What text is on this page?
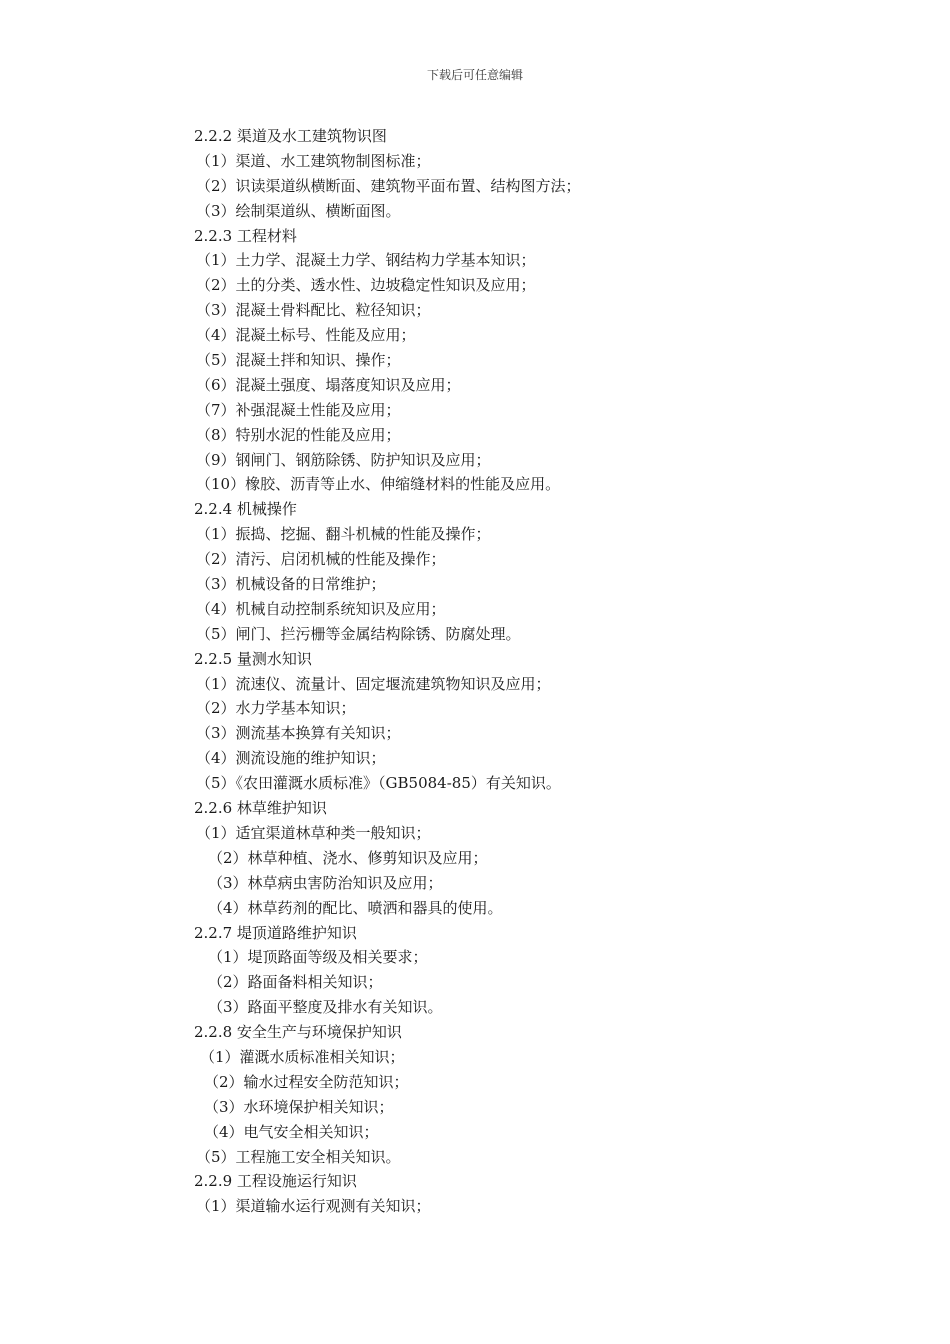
下载后可任意编辑
2.2.2 渠道及水工建筑物识图
（1）渠道、水工建筑物制图标准；
（2）识读渠道纵横断面、建筑物平面布置、结构图方法；
（3）绘制渠道纵、横断面图。
2.2.3 工程材料
（1）土力学、混凝土力学、钢结构力学基本知识；
（2）土的分类、透水性、边坡稳定性知识及应用；
（3）混凝土骨料配比、粒径知识；
（4）混凝土标号、性能及应用；
（5）混凝土拌和知识、操作；
（6）混凝土强度、塌落度知识及应用；
（7）补强混凝土性能及应用；
（8）特别水泥的性能及应用；
（9）钢闸门、钢筋除锈、防护知识及应用；
（10）橡胶、沥青等止水、伸缩缝材料的性能及应用。
2.2.4 机械操作
（1）振捣、挖掘、翻斗机械的性能及操作；
（2）清污、启闭机械的性能及操作；
（3）机械设备的日常维护；
（4）机械自动控制系统知识及应用；
（5）闸门、拦污栅等金属结构除锈、防腐处理。
2.2.5 量测水知识
（1）流速仪、流量计、固定堰流建筑物知识及应用；
（2）水力学基本知识；
（3）测流基本换算有关知识；
（4）测流设施的维护知识；
（5）《农田灌溉水质标准》（GB5084-85）有关知识。
2.2.6 林草维护知识
（1）适宜渠道林草种类一般知识；
（2）林草种植、浇水、修剪知识及应用；
（3）林草病虫害防治知识及应用；
（4）林草药剂的配比、喷洒和器具的使用。
2.2.7 堤顶道路维护知识
（1）堤顶路面等级及相关要求；
（2）路面备料相关知识；
（3）路面平整度及排水有关知识。
2.2.8 安全生产与环境保护知识
（1）灌溉水质标准相关知识；
（2）输水过程安全防范知识；
（3）水环境保护相关知识；
（4）电气安全相关知识；
（5）工程施工安全相关知识。
2.2.9 工程设施运行知识
（1）渠道输水运行观测有关知识；
